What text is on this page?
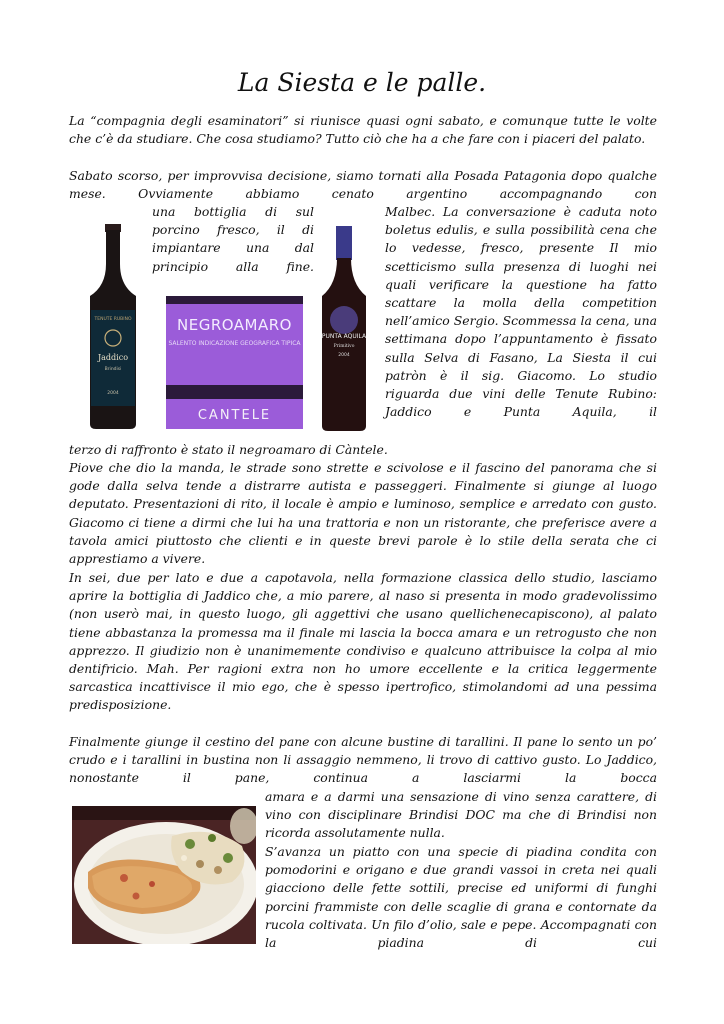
La Siesta e le palle.

La “compagnia degli esaminatori” si riunisce quasi ogni sabato, e comunque tutte le volte che c’è da studiare. Che cosa studiamo? Tutto ciò che ha a che fare con i piaceri del palato.

Sabato scorso, per improvvisa decisione, siamo tornati alla Posada Patagonia dopo qualche mese. Ovviamente abbiamo cenato argentino accompagnando con

una bottiglia di sul porcino fresco, il di impiantare una dal principio alla fine.

Malbec. La conversazione è caduta noto boletus edulis, e sulla possibilità cena che lo vedesse, fresco, presente Il mio scetticismo sulla presenza di luoghi nei quali verificare la questione ha fatto scattare la molla della competition nell’amico Sergio. Scommessa la cena, una settimana dopo l’appuntamento è fissato sulla Selva di Fasano, La Siesta il cui patròn è il sig. Giacomo. Lo studio riguarda due vini delle Tenute Rubino: Jaddico e Punta Aquila, il

TENUTE RUBINO
Jaddico
Brindisi
2004
NEGROAMARO
SALENTO INDICAZIONE GEOGRAFICA TIPICA
CANTELE
PUNTA AQUILA
Primitivo
2004

terzo di raffronto è stato il negroamaro di Càntele.

Piove che dio la manda, le strade sono strette e scivolose e il fascino del panorama che si gode dalla selva tende a distrarre autista e passeggeri. Finalmente si giunge al luogo deputato. Presentazioni di rito, il locale è ampio e luminoso, semplice e arredato con gusto. Giacomo ci tiene a dirmi che lui ha una trattoria e non un ristorante, che preferisce avere a tavola amici piuttosto che clienti e in queste brevi parole è lo stile della serata che ci apprestiamo a vivere.

In sei, due per lato e due a capotavola, nella formazione classica dello studio, lasciamo aprire la bottiglia di Jaddico che, a mio parere, al naso si presenta in modo gradevolissimo (non userò mai, in questo luogo, gli aggettivi che usano quellichenecapiscono), al palato tiene abbastanza la promessa ma il finale mi lascia la bocca amara e un retrogusto che non apprezzo. Il giudizio non è unanimemente condiviso e qualcuno attribuisce la colpa al mio dentifricio. Mah. Per ragioni extra non ho umore eccellente e la critica leggermente sarcastica incattivisce il mio ego, che è spesso ipertrofico, stimolandomi ad una pessima predisposizione.

Finalmente giunge il cestino del pane con alcune bustine di tarallini. Il pane lo sento un po’ crudo e i tarallini in bustina non li assaggio nemmeno, li trovo di cattivo gusto. Lo Jaddico, nonostante il pane, continua a lasciarmi la bocca

amara e a darmi una sensazione di vino senza carattere, di vino con disciplinare Brindisi DOC ma che di Brindisi non ricorda assolutamente nulla.

S’avanza un piatto con una specie di piadina condita con pomodorini e origano e due grandi vassoi in creta nei quali giacciono delle fette sottili, precise ed uniformi di funghi porcini frammiste con delle scaglie di grana e contornate da rucola coltivata. Un filo d’olio, sale e pepe. Accompagnati con la piadina di cui
